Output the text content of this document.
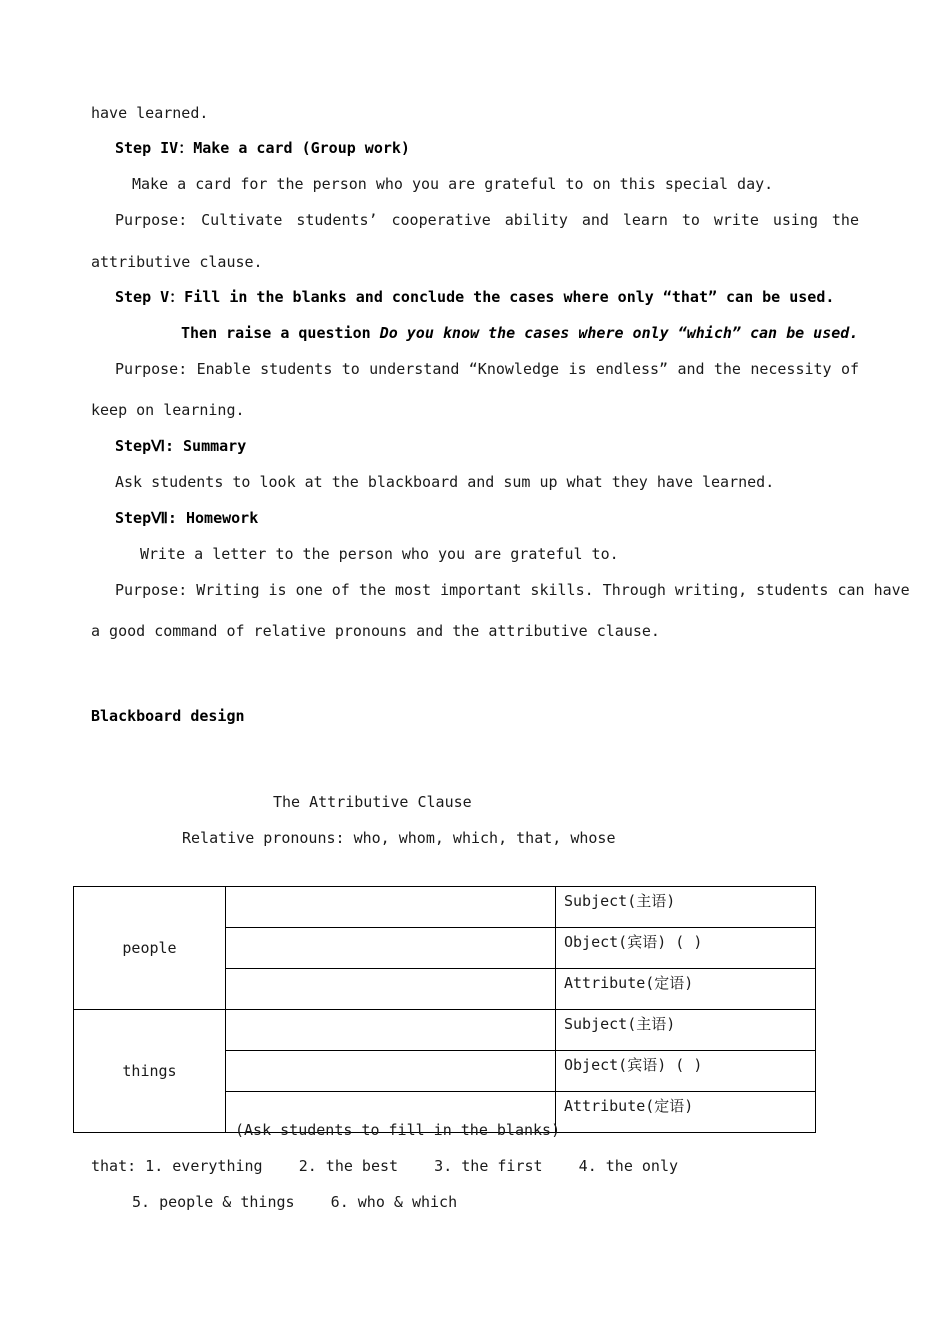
have learned.
Step IV：Make a card (Group work)
Make a card for the person who you are grateful to on this special day.
Purpose: Cultivate students’ cooperative ability and learn to write using the
attributive clause.
Step V：Fill in the blanks and conclude the cases where only “that” can be used.
Then raise a question Do you know the cases where only “which” can be used.
Purpose: Enable students to understand “Knowledge is endless” and the necessity of
keep on learning.
StepⅥ: Summary
Ask students to look at the blackboard and sum up what they have learned.
StepⅦ: Homework
Write a letter to the person who you are grateful to.
Purpose: Writing is one of the most important skills. Through writing, students can have
a good command of relative pronouns and the attributive clause.
Blackboard design
The Attributive Clause
Relative pronouns: who, whom, which, that, whose
people		Subject(主语)
		Object(宾语) ( )
		Attribute(定语)
things		Subject(主语)
		Object(宾语) ( )
		Attribute(定语)
(Ask students to fill in the blanks)
that: 1. everything    2. the best    3. the first    4. the only
5. people & things    6. who & which
